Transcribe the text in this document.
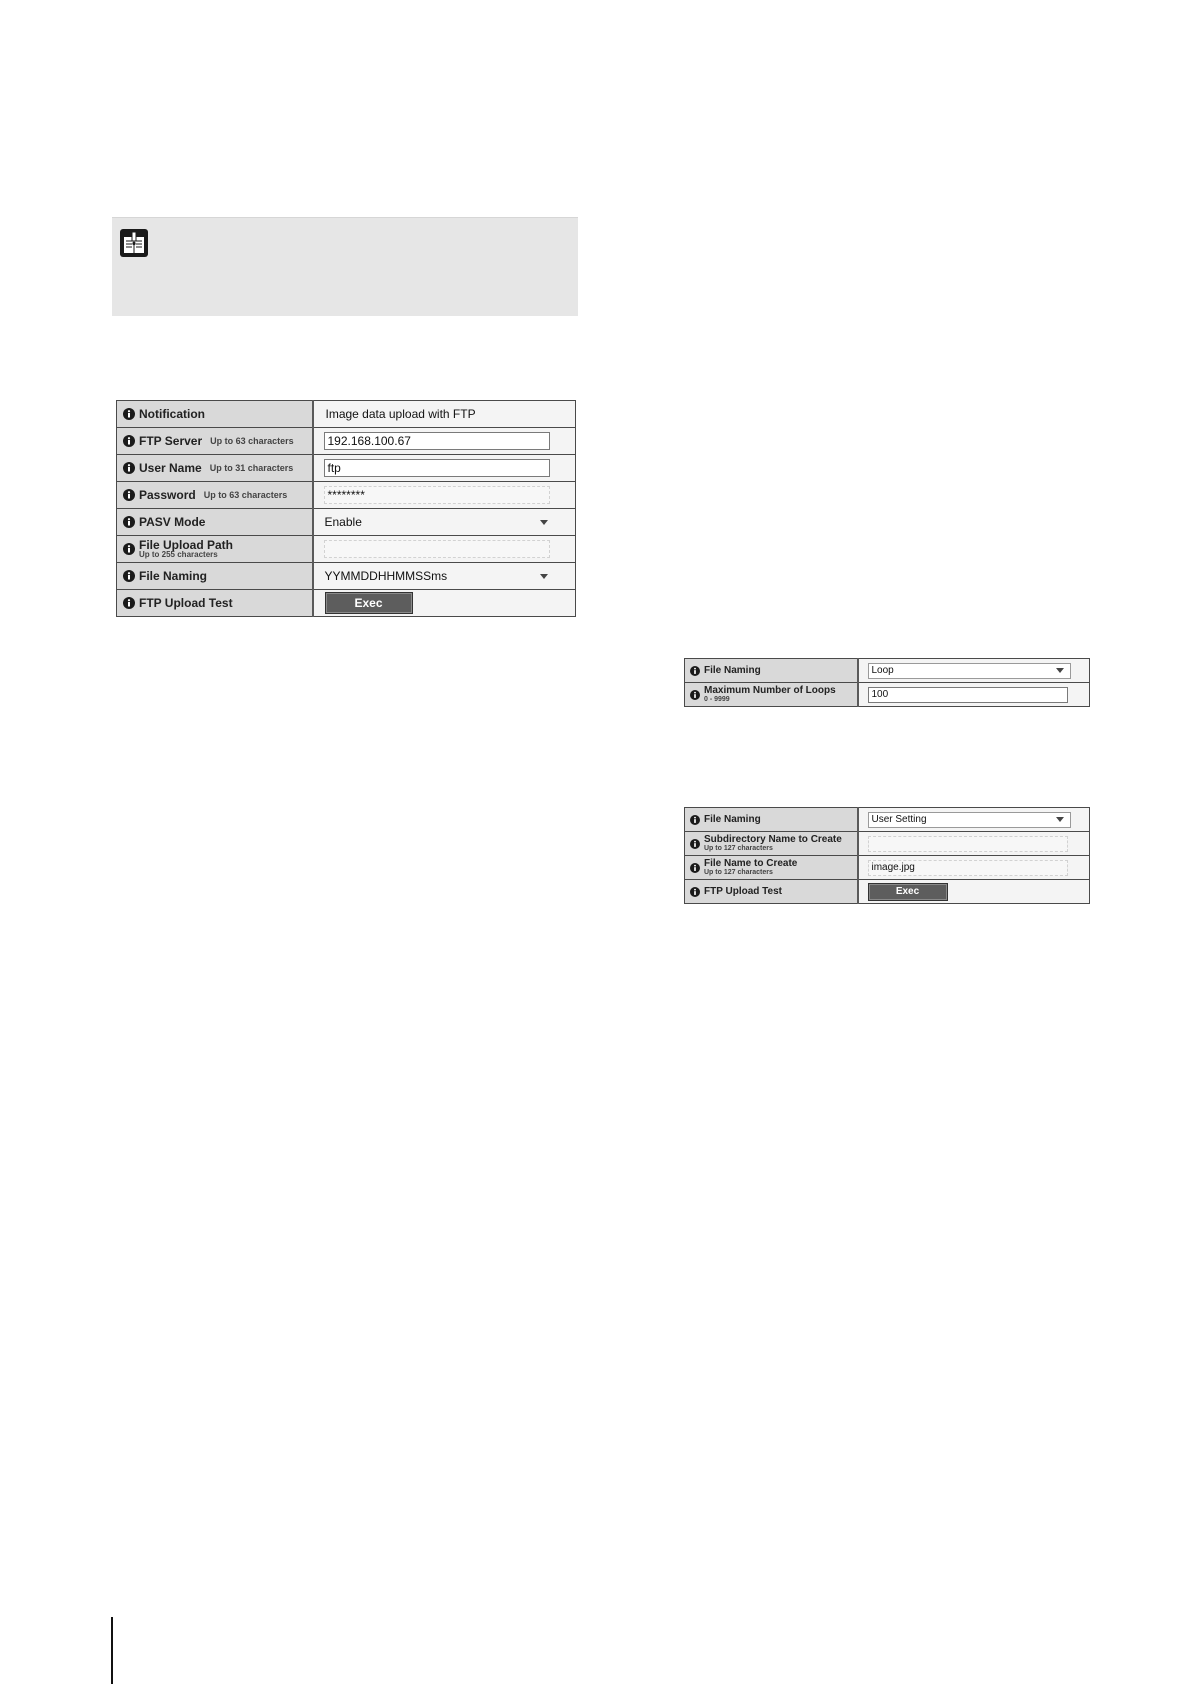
Notification	Image data upload with FTP

FTP Server Up to 63 characters	192.168.100.67

User Name Up to 31 characters	ftp

Password Up to 63 characters	********

PASV Mode	Enable

File Upload Path
Up to 255 characters	

File Naming	YYMMDDHHMMSSms

FTP Upload Test	Exec
File Naming	Loop

Maximum Number of Loops
0 - 9999	100
File Naming	User Setting

Subdirectory Name to Create
Up to 127 characters	

File Name to Create
Up to 127 characters	image.jpg

FTP Upload Test	Exec
